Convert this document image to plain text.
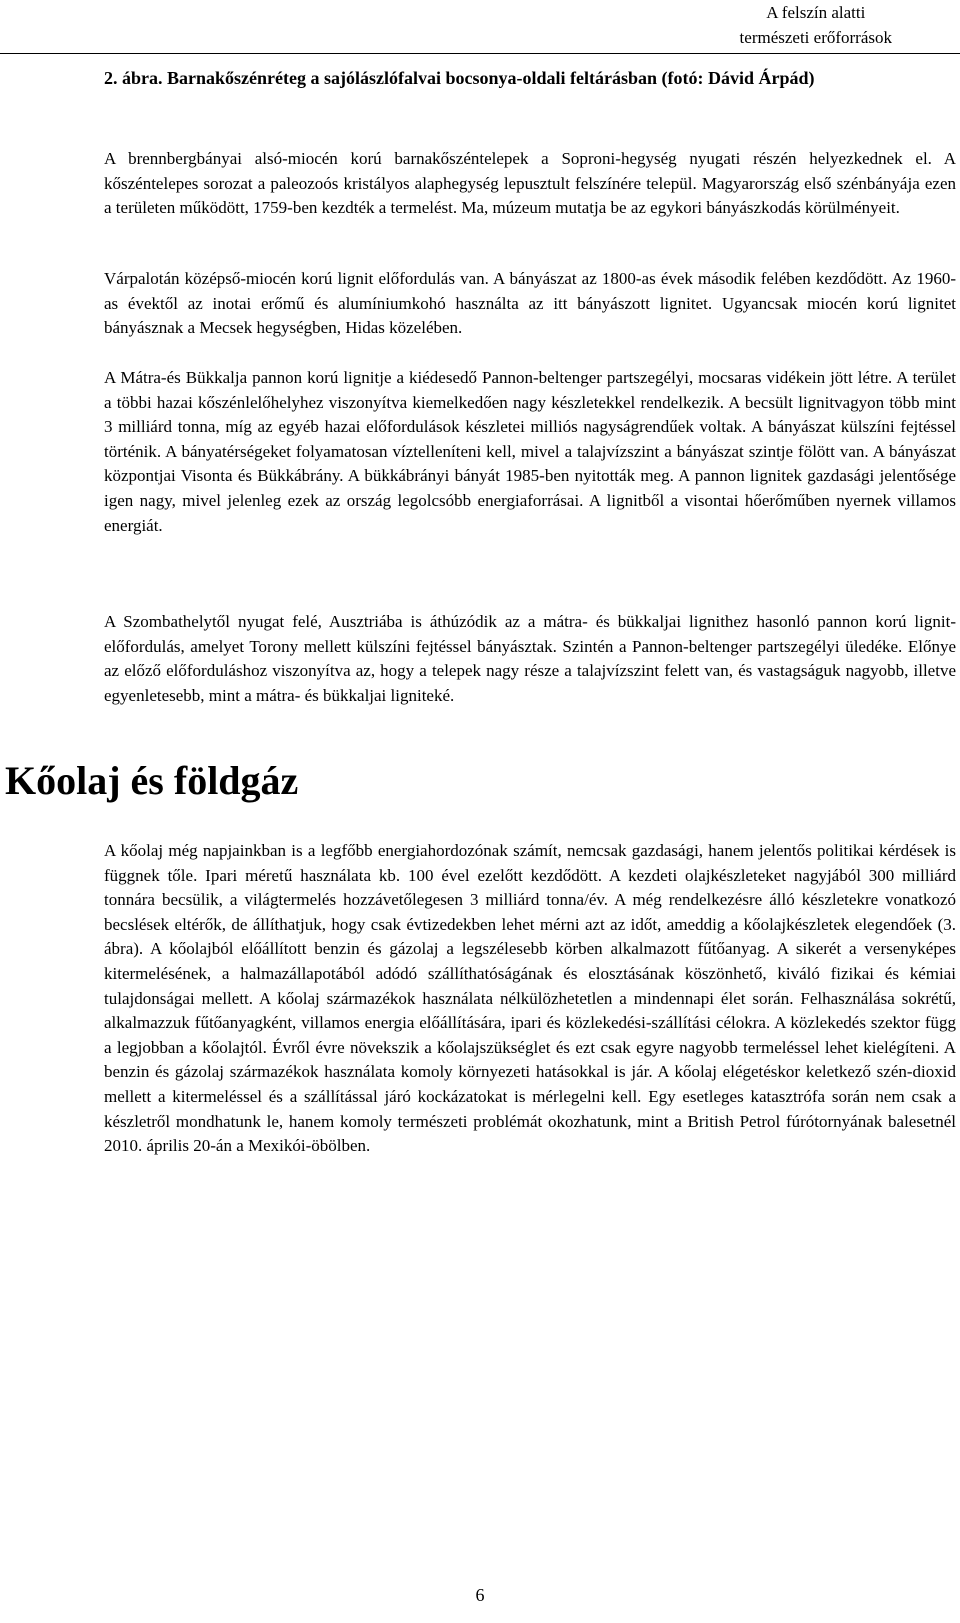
A felszín alatti
természeti erőforrások
2. ábra. Barnakőszénréteg a sajólászlófalvai bocsonya-oldali feltárásban (fotó: Dávid Árpád)
A brennbergbányai alsó-miocén korú barnakőszéntelepek a Soproni-hegység nyugati részén helyezkednek el. A kőszéntelepes sorozat a paleozoós kristályos alaphegység lepusztult felszínére települ. Magyarország első szénbányája ezen a területen működött, 1759-ben kezdték a termelést. Ma, múzeum mutatja be az egykori bányászkodás körülményeit.
Várpalotán középső-miocén korú lignit előfordulás van. A bányászat az 1800-as évek második felében kezdődött. Az 1960-as évektől az inotai erőmű és alumíniumkohó használta az itt bányászott lignitet. Ugyancsak miocén korú lignitet bányásznak a Mecsek hegységben, Hidas közelében.
A Mátra-és Bükkalja pannon korú lignitje a kiédesedő Pannon-beltenger partszegélyi, mocsaras vidékein jött létre. A terület a többi hazai kőszénlelőhelyhez viszonyítva kiemelkedően nagy készletekkel rendelkezik. A becsült lignitvagyon több mint 3 milliárd tonna, míg az egyéb hazai előfordulások készletei milliós nagyságrendűek voltak. A bányászat külszíni fejtéssel történik. A bányatérségeket folyamatosan víztelleníteni kell, mivel a talajvízszint a bányászat szintje fölött van. A bányászat központjai Visonta és Bükkábrány. A bükkábrányi bányát 1985-ben nyitották meg. A pannon lignitek gazdasági jelentősége igen nagy, mivel jelenleg ezek az ország legolcsóbb energiaforrásai. A lignitből a visontai hőerőműben nyernek villamos energiát.
A Szombathelytől nyugat felé, Ausztriába is áthúzódik az a mátra- és bükkaljai lignithez hasonló pannon korú lignit-előfordulás, amelyet Torony mellett külszíni fejtéssel bányásztak. Szintén a Pannon-beltenger partszegélyi üledéke. Előnye az előző előforduláshoz viszonyítva az, hogy a telepek nagy része a talajvízszint felett van, és vastagságuk nagyobb, illetve egyenletesebb, mint a mátra- és bükkaljai ligniteké.
Kőolaj és földgáz
A kőolaj még napjainkban is a legfőbb energiahordozónak számít, nemcsak gazdasági, hanem jelentős politikai kérdések is függnek tőle. Ipari méretű használata kb. 100 ével ezelőtt kezdődött. A kezdeti olajkészleteket nagyjából 300 milliárd tonnára becsülik, a világtermelés hozzávetőlegesen 3 milliárd tonna/év. A még rendelkezésre álló készletekre vonatkozó becslések eltérők, de állíthatjuk, hogy csak évtizedekben lehet mérni azt az időt, ameddig a kőolajkészletek elegendőek (3. ábra). A kőolajból előállított benzin és gázolaj a legszélesebb körben alkalmazott fűtőanyag. A sikerét a versenyképes kitermelésének, a halmazállapotából adódó szállíthatóságának és elosztásának köszönhető, kiváló fizikai és kémiai tulajdonságai mellett. A kőolaj származékok használata nélkülözhetetlen a mindennapi élet során. Felhasználása sokrétű, alkalmazzuk fűtőanyagként, villamos energia előállítására, ipari és közlekedési-szállítási célokra. A közlekedés szektor függ a legjobban a kőolajtól. Évről évre növekszik a kőolajszükséglet és ezt csak egyre nagyobb termeléssel lehet kielégíteni. A benzin és gázolaj származékok használata komoly környezeti hatásokkal is jár. A kőolaj elégetéskor keletkező szén-dioxid mellett a kitermeléssel és a szállítással járó kockázatokat is mérlegelni kell. Egy esetleges katasztrófa során nem csak a készletről mondhatunk le, hanem komoly természeti problémát okozhatunk, mint a British Petrol fúrótornyának balesetnél 2010. április 20-án a Mexikói-öbölben.
6
